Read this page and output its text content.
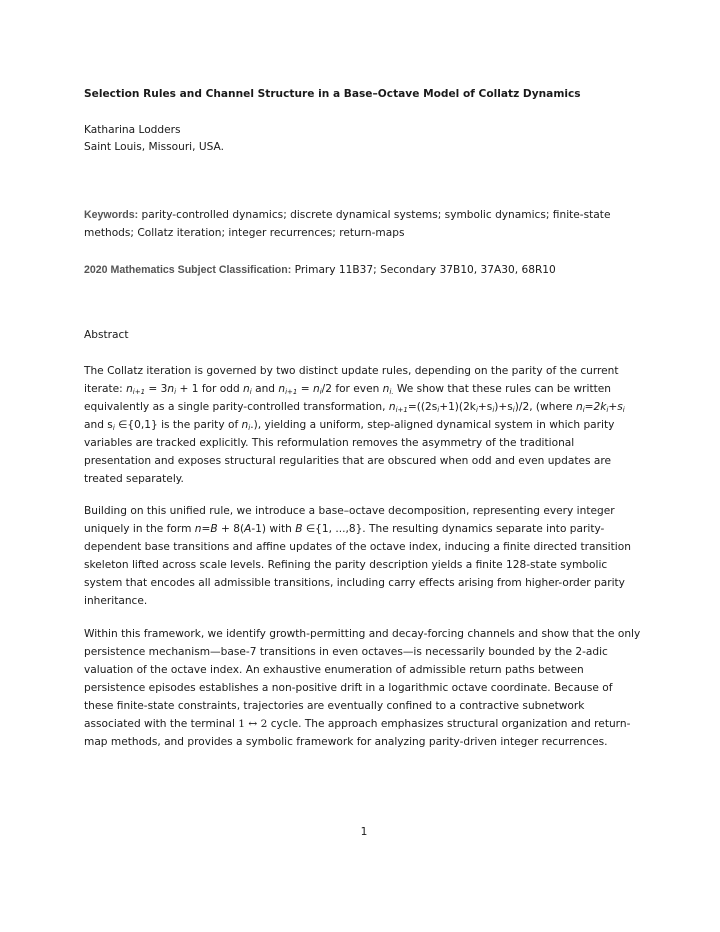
Selection Rules and Channel Structure in a Base–Octave Model of Collatz Dynamics
Katharina Lodders
Saint Louis, Missouri, USA.
Keywords: parity-controlled dynamics; discrete dynamical systems; symbolic dynamics; finite-state methods; Collatz iteration; integer recurrences; return-maps
2020 Mathematics Subject Classification: Primary 11B37; Secondary 37B10, 37A30, 68R10
Abstract
The Collatz iteration is governed by two distinct update rules, depending on the parity of the current iterate: $n_{i+1} = 3n_i + 1$ for odd $n_i$ and $n_{i+1} = n_i/2$ for even $n_{i.}$ We show that these rules can be written equivalently as a single parity-controlled transformation, $n_{i+1}=((2s_i+1)(2k_i+s_i)+s_i)/2$, (where $n_i=2k_i+s_i$ and $s_i$ ∈{0,1} is the parity of $n_i$.), yielding a uniform, step-aligned dynamical system in which parity variables are tracked explicitly. This reformulation removes the asymmetry of the traditional presentation and exposes structural regularities that are obscured when odd and even updates are treated separately.
Building on this unified rule, we introduce a base–octave decomposition, representing every integer uniquely in the form n=B + 8(A-1) with B ∈{1, ...,8}. The resulting dynamics separate into parity-dependent base transitions and affine updates of the octave index, inducing a finite directed transition skeleton lifted across scale levels. Refining the parity description yields a finite 128-state symbolic system that encodes all admissible transitions, including carry effects arising from higher-order parity inheritance.
Within this framework, we identify growth-permitting and decay-forcing channels and show that the only persistence mechanism—base-7 transitions in even octaves—is necessarily bounded by the 2-adic valuation of the octave index. An exhaustive enumeration of admissible return paths between persistence episodes establishes a non-positive drift in a logarithmic octave coordinate. Because of these finite-state constraints, trajectories are eventually confined to a contractive subnetwork associated with the terminal 1 ↔ 2 cycle. The approach emphasizes structural organization and return-map methods, and provides a symbolic framework for analyzing parity-driven integer recurrences.
1
